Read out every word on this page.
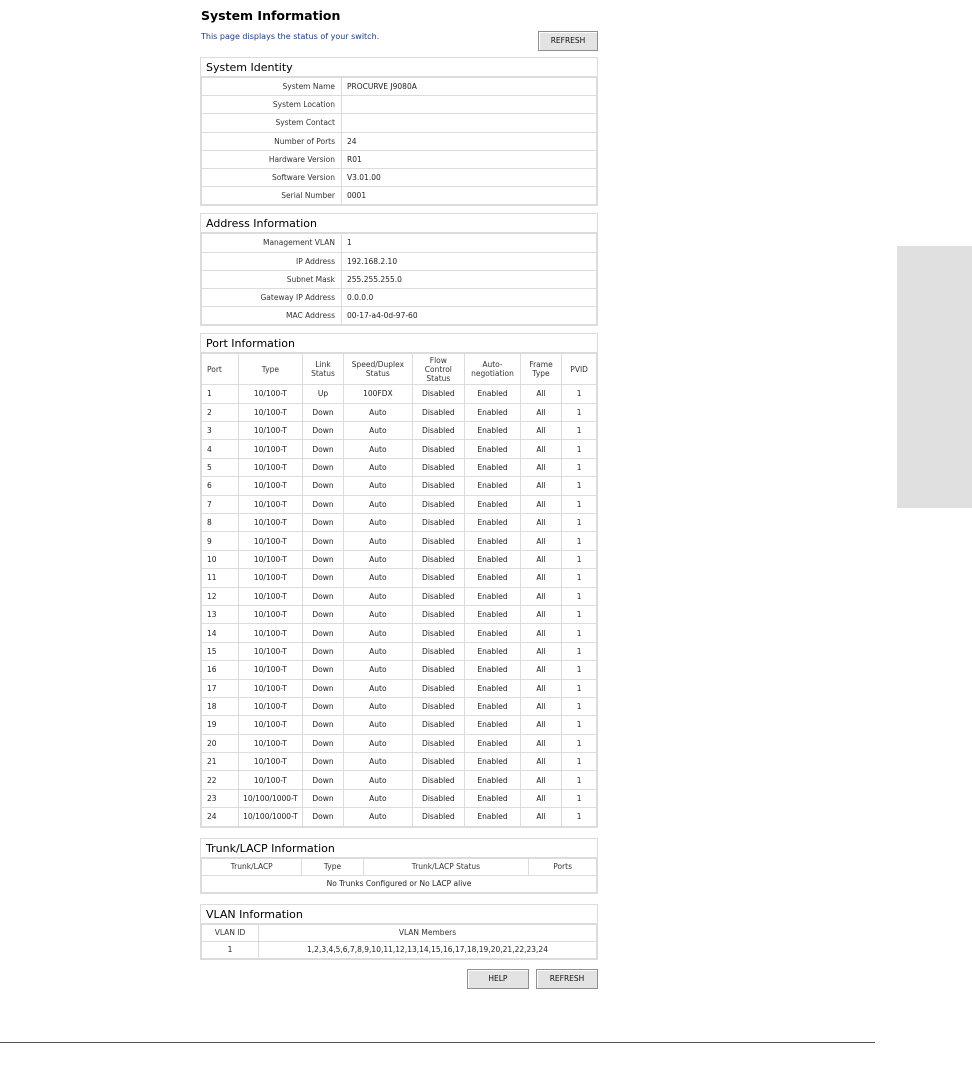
System Information
This page displays the status of your switch.	REFRESH
System Identity
System Name	PROCURVE J9080A
System Location	
System Contact	
Number of Ports	24
Hardware Version	R01
Software Version	V3.01.00
Serial Number	0001
Address Information
Management VLAN	1
IP Address	192.168.2.10
Subnet Mask	255.255.255.0
Gateway IP Address	0.0.0.0
MAC Address	00-17-a4-0d-97-60
Port Information
Port	Type	Link Status	Speed/Duplex Status	Flow Control Status	Auto-negotiation	Frame Type	PVID
1	10/100-T	Up	100FDX	Disabled	Enabled	All	1
2	10/100-T	Down	Auto	Disabled	Enabled	All	1
3	10/100-T	Down	Auto	Disabled	Enabled	All	1
4	10/100-T	Down	Auto	Disabled	Enabled	All	1
5	10/100-T	Down	Auto	Disabled	Enabled	All	1
6	10/100-T	Down	Auto	Disabled	Enabled	All	1
7	10/100-T	Down	Auto	Disabled	Enabled	All	1
8	10/100-T	Down	Auto	Disabled	Enabled	All	1
9	10/100-T	Down	Auto	Disabled	Enabled	All	1
10	10/100-T	Down	Auto	Disabled	Enabled	All	1
11	10/100-T	Down	Auto	Disabled	Enabled	All	1
12	10/100-T	Down	Auto	Disabled	Enabled	All	1
13	10/100-T	Down	Auto	Disabled	Enabled	All	1
14	10/100-T	Down	Auto	Disabled	Enabled	All	1
15	10/100-T	Down	Auto	Disabled	Enabled	All	1
16	10/100-T	Down	Auto	Disabled	Enabled	All	1
17	10/100-T	Down	Auto	Disabled	Enabled	All	1
18	10/100-T	Down	Auto	Disabled	Enabled	All	1
19	10/100-T	Down	Auto	Disabled	Enabled	All	1
20	10/100-T	Down	Auto	Disabled	Enabled	All	1
21	10/100-T	Down	Auto	Disabled	Enabled	All	1
22	10/100-T	Down	Auto	Disabled	Enabled	All	1
23	10/100/1000-T	Down	Auto	Disabled	Enabled	All	1
24	10/100/1000-T	Down	Auto	Disabled	Enabled	All	1
Trunk/LACP Information
Trunk/LACP	Type	Trunk/LACP Status	Ports
No Trunks Configured or No LACP alive
VLAN Information
VLAN ID	VLAN Members
1	1,2,3,4,5,6,7,8,9,10,11,12,13,14,15,16,17,18,19,20,21,22,23,24
HELP	REFRESH
